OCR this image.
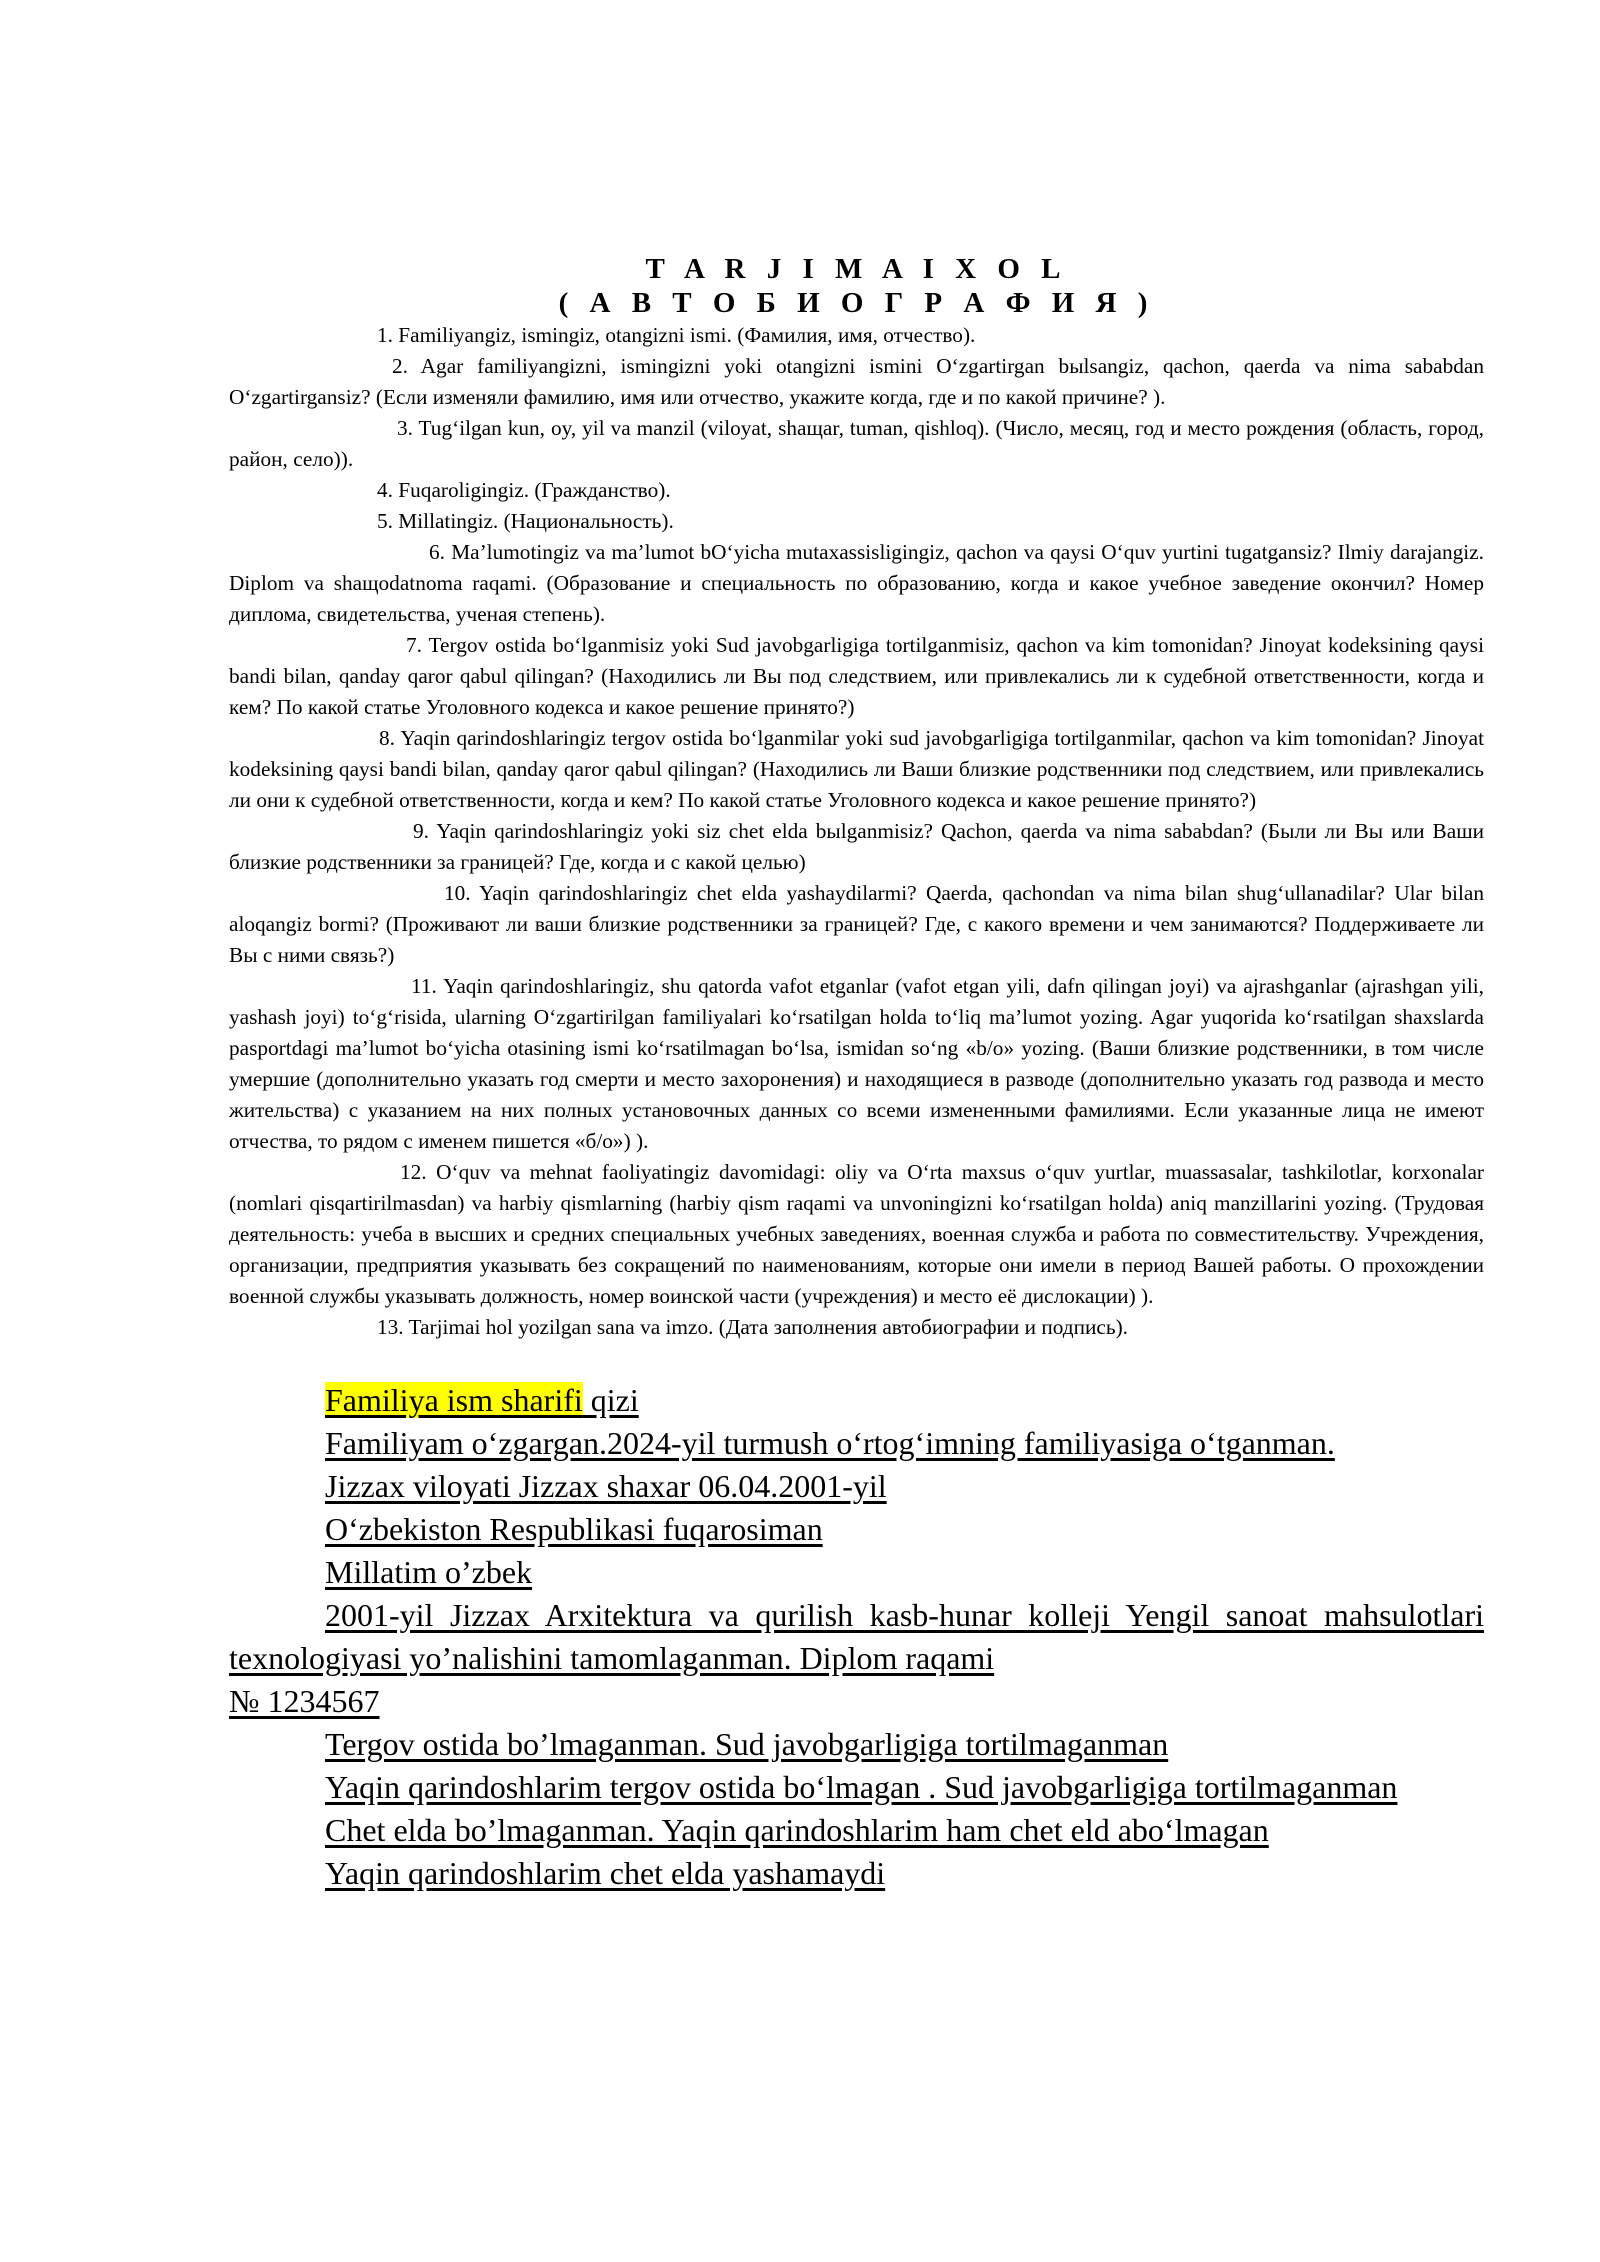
T A R J I M A I X O L

( А В Т О Б И О Г Р А Ф И Я )

1. Familiyangiz, ismingiz, otangizni ismi. (Фамилия, имя, отчество).

2. Agar familiyangizni, ismingizni yoki otangizni ismini O‘zgartirgan bыlsangiz, qachon, qaerda va nima sababdan O‘zgartirgansiz? (Если изменяли фамилию, имя или отчество, укажите когда, где и по какой причине? ).

3. Tug‘ilgan kun, oy, yil va manzil (viloyat, shaщar, tuman, qishloq). (Число, месяц, год и место рождения (область, город, район, село)).

4. Fuqaroligingiz. (Гражданство).

5. Millatingiz. (Национальность).

6. Ma’lumotingiz va ma’lumot bO‘yicha mutaxassisligingiz, qachon va qaysi O‘quv yurtini tugatgansiz? Ilmiy darajangiz. Diplom va shaщodatnoma raqami. (Образование и специальность по образованию, когда и какое учебное заведение окончил? Номер диплома, свидетельства, ученая степень).

7. Tergov ostida bo‘lganmisiz yoki Sud javobgarligiga tortilganmisiz, qachon va kim tomonidan? Jinoyat kodeksining qaysi bandi bilan, qanday qaror qabul qilingan? (Находились ли Вы под следствием, или привлекались ли к судебной ответственности, когда и кем? По какой статье Уголовного кодекса и какое решение принято?)

8. Yaqin qarindoshlaringiz tergov ostida bo‘lganmilar yoki sud javobgarligiga tortilganmilar, qachon va kim tomonidan? Jinoyat kodeksining qaysi bandi bilan, qanday qaror qabul qilingan? (Находились ли Ваши близкие родственники под следствием, или привлекались ли они к судебной ответственности, когда и кем? По какой статье Уголовного кодекса и какое решение принято?)

9. Yaqin qarindoshlaringiz yoki siz chet elda bыlganmisiz? Qachon, qaerda va nima sababdan? (Были ли Вы или Ваши близкие родственники за границей? Где, когда и с какой целью)

10. Yaqin qarindoshlaringiz chet elda yashaydilarmi? Qaerda, qachondan va nima bilan shug‘ullanadilar? Ular bilan aloqangiz bormi? (Проживают ли ваши близкие родственники за границей? Где, с какого времени и чем занимаются? Поддерживаете ли Вы с ними связь?)

11. Yaqin qarindoshlaringiz, shu qatorda vafot etganlar (vafot etgan yili, dafn qilingan joyi) va ajrashganlar (ajrashgan yili, yashash joyi) to‘g‘risida, ularning O‘zgartirilgan familiyalari ko‘rsatilgan holda to‘liq ma’lumot yozing. Agar yuqorida ko‘rsatilgan shaxslarda pasportdagi ma’lumot bo‘yicha otasining ismi ko‘rsatilmagan bo‘lsa, ismidan so‘ng «b/o» yozing. (Ваши близкие родственники, в том числе умершие (дополнительно указать год смерти и место захоронения) и находящиеся в разводе (дополнительно указать год развода и место жительства) с указанием на них полных установочных данных со всеми измененными фамилиями. Если указанные лица не имеют отчества, то рядом с именем пишется «б/о») ).

12. O‘quv va mehnat faoliyatingiz davomidagi: oliy va O‘rta maxsus o‘quv yurtlar, muassasalar, tashkilotlar, korxonalar (nomlari qisqartirilmasdan) va harbiy qismlarning (harbiy qism raqami va unvoningizni ko‘rsatilgan holda) aniq manzillarini yozing. (Трудовая деятельность: учеба в высших и средних специальных учебных заведениях, военная служба и работа по совместительству. Учреждения, организации, предприятия указывать без сокращений по наименованиям, которые они имели в период Вашей работы. О прохождении военной службы указывать должность, номер воинской части (учреждения) и место её дислокации) ).

13. Tarjimai hol yozilgan sana va imzo. (Дата заполнения автобиографии и подпись).

Familiya ism sharifi qizi

Familiyam o‘zgargan.2024-yil turmush o‘rtog‘imning familiyasiga o‘tganman.

Jizzax viloyati Jizzax shaxar 06.04.2001-yil

O‘zbekiston Respublikasi fuqarosiman

Millatim o’zbek

2001-yil Jizzax Arxitektura va qurilish kasb-hunar kolleji Yengil sanoat mahsulotlari texnologiyasi yo’nalishini tamomlaganman. Diplom raqami

№ 1234567

Tergov ostida bo’lmaganman. Sud javobgarligiga tortilmaganman

Yaqin qarindoshlarim tergov ostida bo‘lmagan . Sud javobgarligiga tortilmaganman

Chet elda bo’lmaganman. Yaqin qarindoshlarim ham chet eld abo‘lmagan

Yaqin qarindoshlarim chet elda yashamaydi
